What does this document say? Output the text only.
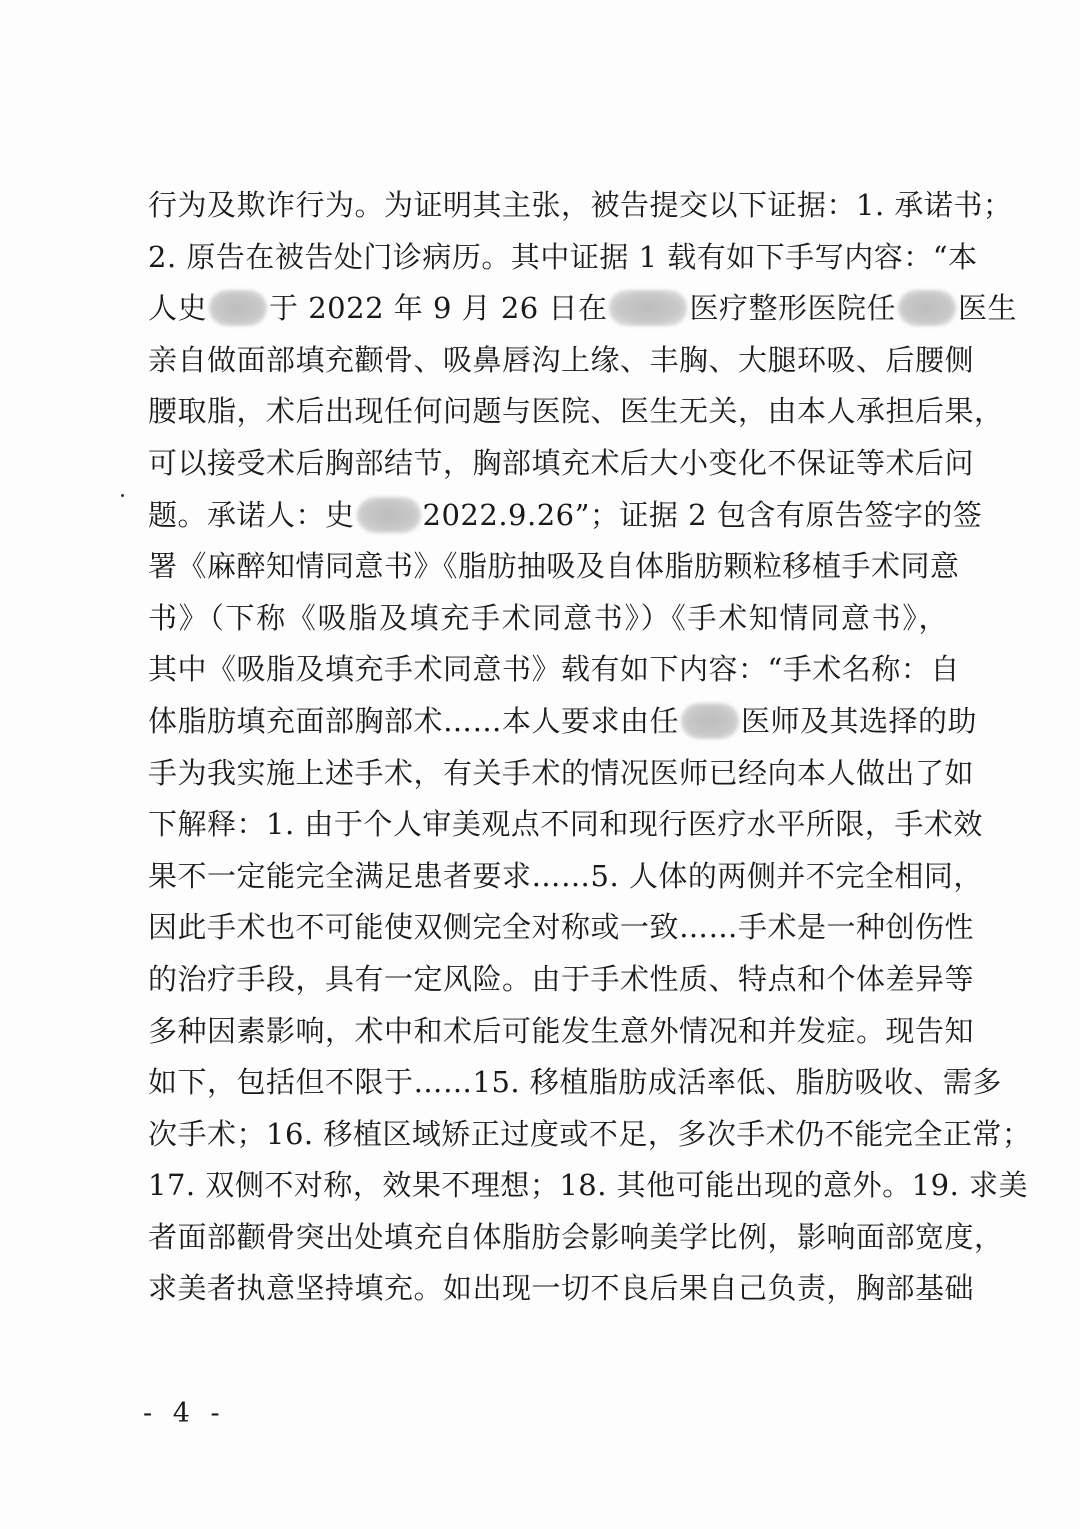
行为及欺诈行为。为证明其主张，被告提交以下证据：1. 承诺书；
2. 原告在被告处门诊病历。其中证据 1 载有如下手写内容：“本
人史 于 2022 年 9 月 26 日在	医疗整形医院任 医生
亲自做面部填充颧骨、吸鼻唇沟上缘、丰胸、大腿环吸、后腰侧
腰取脂，术后出现任何问题与医院、医生无关，由本人承担后果，
可以接受术后胸部结节，胸部填充术后大小变化不保证等术后问
题。承诺人：史 2022.9.26”；证据 2 包含有原告签字的签
署《麻醉知情同意书》《脂肪抽吸及自体脂肪颗粒移植手术同意
书》（下称《吸脂及填充手术同意书》）《手术知情同意书》，
其中《吸脂及填充手术同意书》载有如下内容：“手术名称：自
体脂肪填充面部胸部术……本人要求由任 医师及其选择的助
手为我实施上述手术，有关手术的情况医师已经向本人做出了如
下解释：1. 由于个人审美观点不同和现行医疗水平所限，手术效
果不一定能完全满足患者要求……5. 人体的两侧并不完全相同，
因此手术也不可能使双侧完全对称或一致……手术是一种创伤性
的治疗手段，具有一定风险。由于手术性质、特点和个体差异等
多种因素影响，术中和术后可能发生意外情况和并发症。现告知
如下，包括但不限于……15. 移植脂肪成活率低、脂肪吸收、需多
次手术；16. 移植区域矫正过度或不足，多次手术仍不能完全正常；
17. 双侧不对称，效果不理想；18. 其他可能出现的意外。19. 求美
者面部颧骨突出处填充自体脂肪会影响美学比例，影响面部宽度，
求美者执意坚持填充。如出现一切不良后果自己负责，胸部基础
- 4 -
